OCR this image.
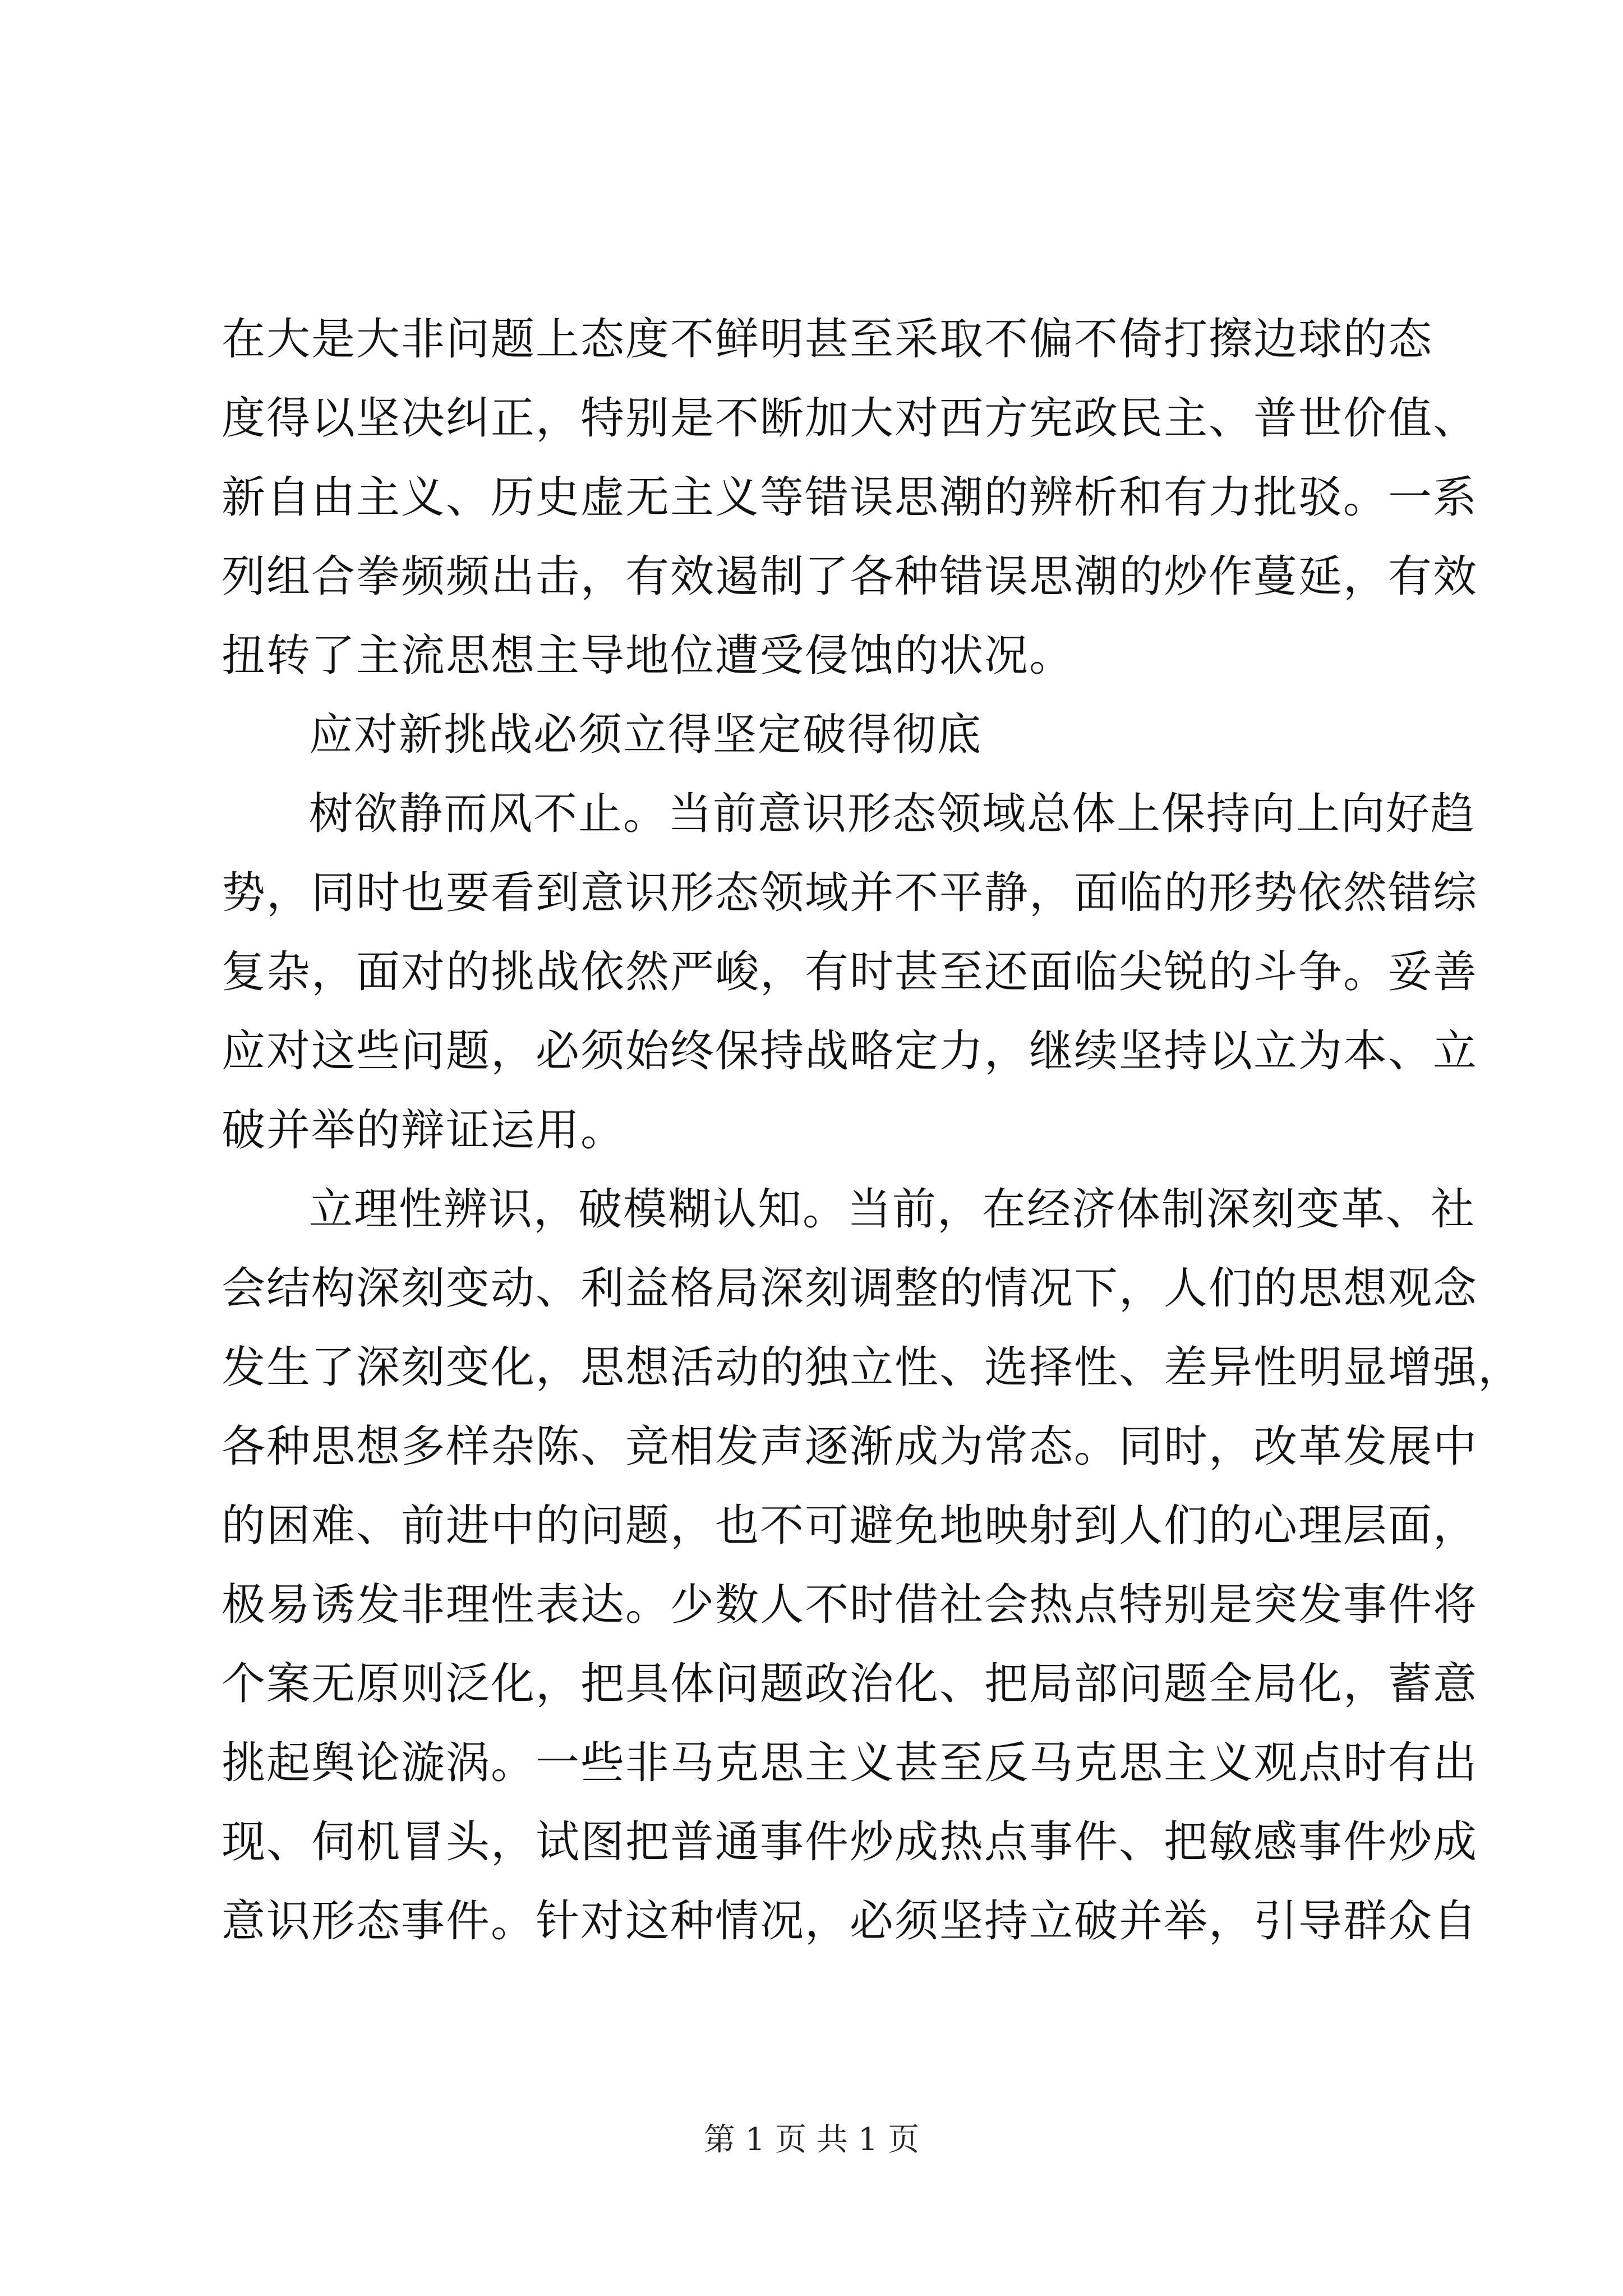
在大是大非问题上态度不鲜明甚至采取不偏不倚打擦边球的态
度得以坚决纠正，特别是不断加大对西方宪政民主、普世价值、
新自由主义、历史虚无主义等错误思潮的辨析和有力批驳。一系
列组合拳频频出击，有效遏制了各种错误思潮的炒作蔓延，有效
扭转了主流思想主导地位遭受侵蚀的状况。
应对新挑战必须立得坚定破得彻底
树欲静而风不止。当前意识形态领域总体上保持向上向好趋
势，同时也要看到意识形态领域并不平静，面临的形势依然错综
复杂，面对的挑战依然严峻，有时甚至还面临尖锐的斗争。妥善
应对这些问题，必须始终保持战略定力，继续坚持以立为本、立
破并举的辩证运用。
立理性辨识，破模糊认知。当前，在经济体制深刻变革、社
会结构深刻变动、利益格局深刻调整的情况下，人们的思想观念
发生了深刻变化，思想活动的独立性、选择性、差异性明显增强，
各种思想多样杂陈、竞相发声逐渐成为常态。同时，改革发展中
的困难、前进中的问题，也不可避免地映射到人们的心理层面，
极易诱发非理性表达。少数人不时借社会热点特别是突发事件将
个案无原则泛化，把具体问题政治化、把局部问题全局化，蓄意
挑起舆论漩涡。一些非马克思主义甚至反马克思主义观点时有出
现、伺机冒头，试图把普通事件炒成热点事件、把敏感事件炒成
意识形态事件。针对这种情况，必须坚持立破并举，引导群众自
第 1 页 共 1 页
